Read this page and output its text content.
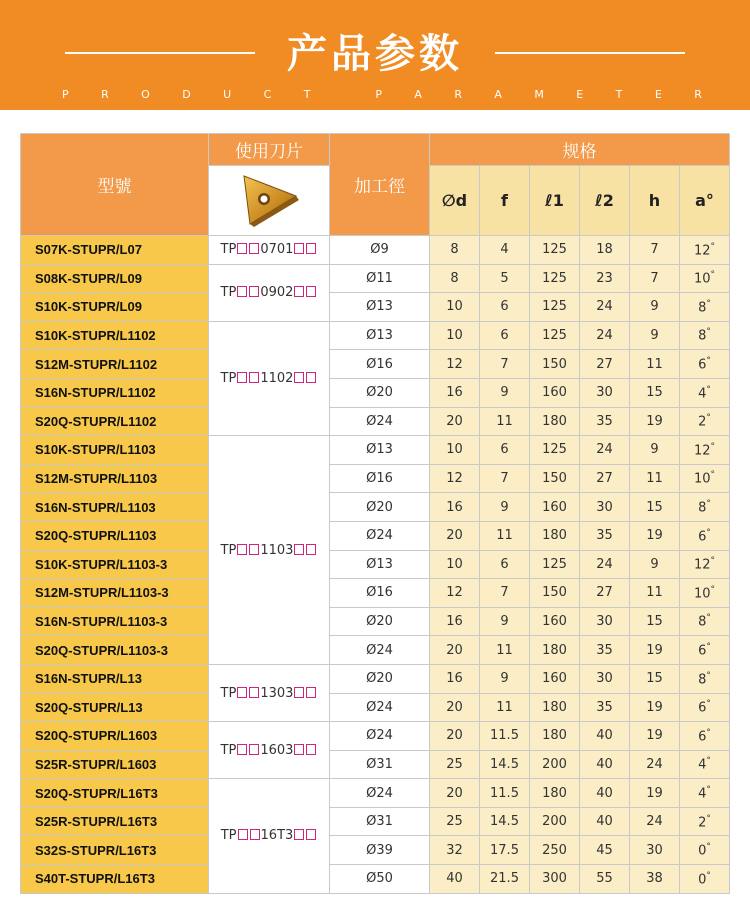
产品参数
P	R	O	D	U	C	T	P	A	R	A	M	E	T	E	R
型號	使用刀片	加工徑	规格					
	∅d	f	ℓ1	ℓ2	h	a°
S07K-STUPR/L07	TP 0701	Ø9	8	4	125	18	7	12°
S08K-STUPR/L09	TP 0902	Ø11	8	5	125	23	7	10°
S10K-STUPR/L09		Ø13	10	6	125	24	9	8°
S10K-STUPR/L1102	TP 1102	Ø13	10	6	125	24	9	8°
S12M-STUPR/L1102		Ø16	12	7	150	27	11	6°
S16N-STUPR/L1102		Ø20	16	9	160	30	15	4°
S20Q-STUPR/L1102		Ø24	20	11	180	35	19	2°
S10K-STUPR/L1103	TP 1103	Ø13	10	6	125	24	9	12°
S12M-STUPR/L1103		Ø16	12	7	150	27	11	10°
S16N-STUPR/L1103		Ø20	16	9	160	30	15	8°
S20Q-STUPR/L1103		Ø24	20	11	180	35	19	6°
S10K-STUPR/L1103-3		Ø13	10	6	125	24	9	12°
S12M-STUPR/L1103-3		Ø16	12	7	150	27	11	10°
S16N-STUPR/L1103-3		Ø20	16	9	160	30	15	8°
S20Q-STUPR/L1103-3		Ø24	20	11	180	35	19	6°
S16N-STUPR/L13	TP 1303	Ø20	16	9	160	30	15	8°
S20Q-STUPR/L13		Ø24	20	11	180	35	19	6°
S20Q-STUPR/L1603	TP 1603	Ø24	20	11.5	180	40	19	6°
S25R-STUPR/L1603		Ø31	25	14.5	200	40	24	4°
S20Q-STUPR/L16T3	TP 16T3	Ø24	20	11.5	180	40	19	4°
S25R-STUPR/L16T3		Ø31	25	14.5	200	40	24	2°
S32S-STUPR/L16T3		Ø39	32	17.5	250	45	30	0°
S40T-STUPR/L16T3		Ø50	40	21.5	300	55	38	0°
